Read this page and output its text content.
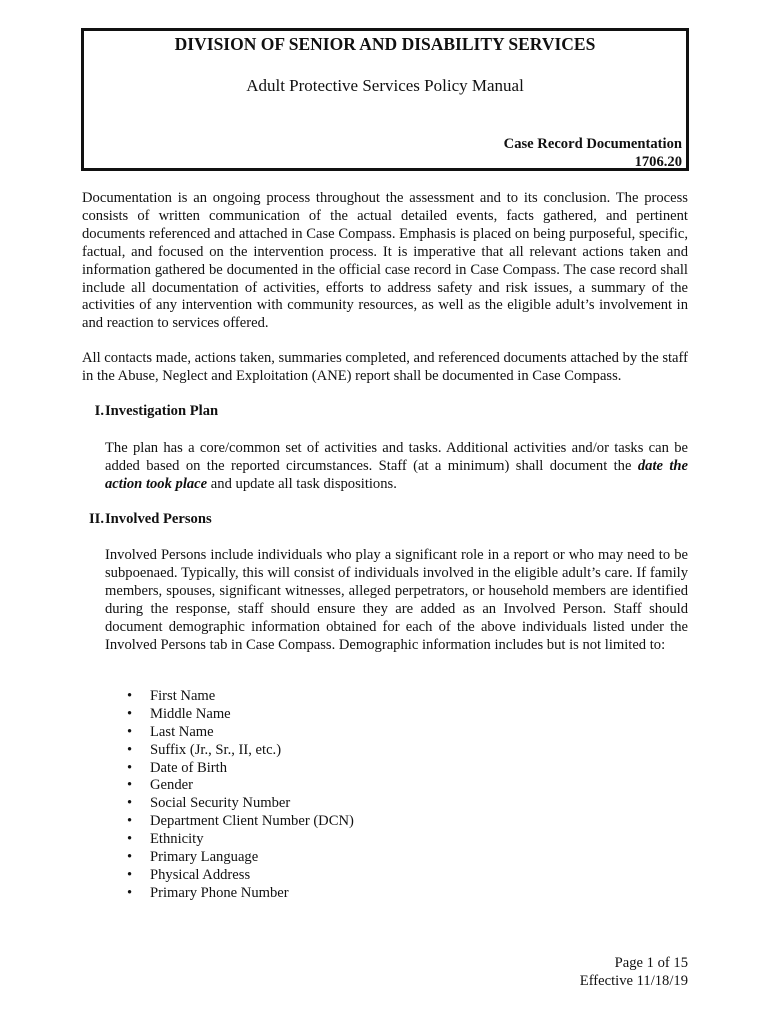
DIVISION OF SENIOR AND DISABILITY SERVICES
Adult Protective Services Policy Manual
Case Record Documentation
1706.20

Documentation is an ongoing process throughout the assessment and to its conclusion. The process consists of written communication of the actual detailed events, facts gathered, and pertinent documents referenced and attached in Case Compass. Emphasis is placed on being purposeful, specific, factual, and focused on the intervention process. It is imperative that all relevant actions taken and information gathered be documented in the official case record in Case Compass. The case record shall include all documentation of activities, efforts to address safety and risk issues, a summary of the activities of any intervention with community resources, as well as the eligible adult’s involvement in and reaction to services offered.

All contacts made, actions taken, summaries completed, and referenced documents attached by the staff in the Abuse, Neglect and Exploitation (ANE) report shall be documented in Case Compass.

I. Investigation Plan

The plan has a core/common set of activities and tasks. Additional activities and/or tasks can be added based on the reported circumstances. Staff (at a minimum) shall document the date the action took place and update all task dispositions.

II. Involved Persons

Involved Persons include individuals who play a significant role in a report or who may need to be subpoenaed. Typically, this will consist of individuals involved in the eligible adult’s care. If family members, spouses, significant witnesses, alleged perpetrators, or household members are identified during the response, staff should ensure they are added as an Involved Person. Staff should document demographic information obtained for each of the above individuals listed under the Involved Persons tab in Case Compass. Demographic information includes but is not limited to:

• First Name
• Middle Name
• Last Name
• Suffix (Jr., Sr., II, etc.)
• Date of Birth
• Gender
• Social Security Number
• Department Client Number (DCN)
• Ethnicity
• Primary Language
• Physical Address
• Primary Phone Number
Page 1 of 15
Effective 11/18/19
